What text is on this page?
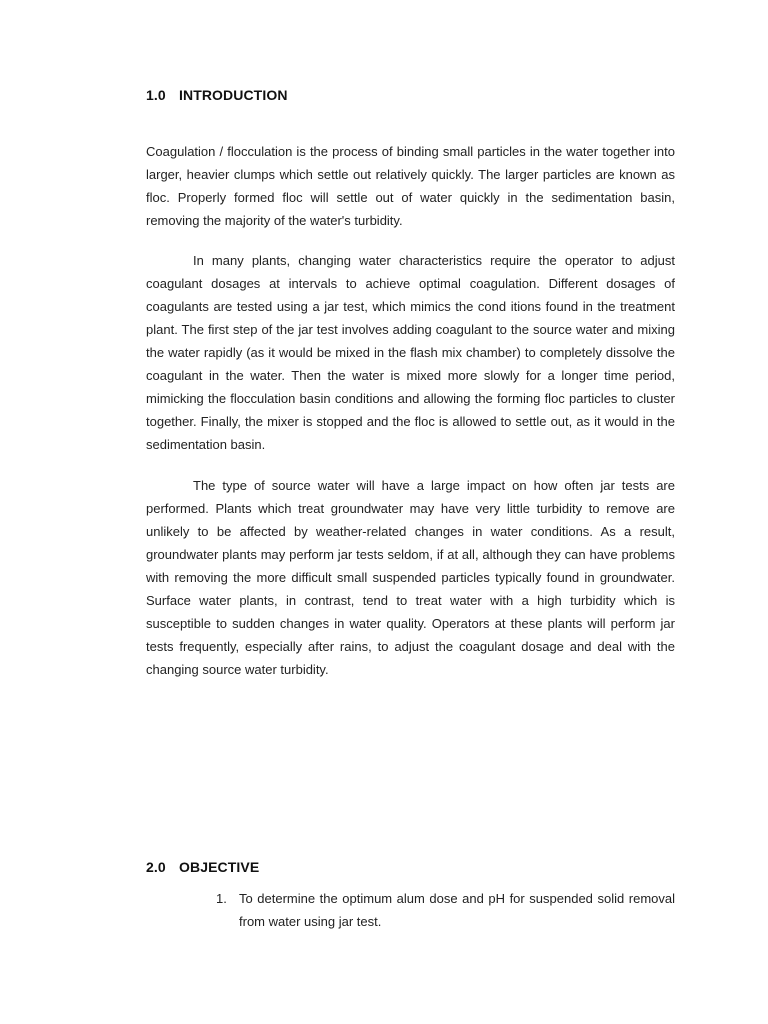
1.0 INTRODUCTION

Coagulation / flocculation is the process of binding small particles in the water together into larger, heavier clumps which settle out relatively quickly. The larger particles are known as floc. Properly formed floc will settle out of water quickly in the sedimentation basin, removing the majority of the water's turbidity.

In many plants, changing water characteristics require the operator to adjust coagulant dosages at intervals to achieve optimal coagulation. Different dosages of coagulants are tested using a jar test, which mimics the cond itions found in the treatment plant. The first step of the jar test involves adding coagulant to the source water and mixing the water rapidly (as it would be mixed in the flash mix chamber) to completely dissolve the coagulant in the water. Then the water is mixed more slowly for a longer time period, mimicking the flocculation basin conditions and allowing the forming floc particles to cluster together. Finally, the mixer is stopped and the floc is allowed to settle out, as it would in the sedimentation basin.

The type of source water will have a large impact on how often jar tests are performed. Plants which treat groundwater may have very little turbidity to remove are unlikely to be affected by weather-related changes in water conditions. As a result, groundwater plants may perform jar tests seldom, if at all, although they can have problems with removing the more difficult small suspended particles typically found in groundwater. Surface water plants, in contrast, tend to treat water with a high turbidity which is susceptible to sudden changes in water quality. Operators at these plants will perform jar tests frequently, especially after rains, to adjust the coagulant dosage and deal with the changing source water turbidity.

2.0 OBJECTIVE
1. To determine the optimum alum dose and pH for suspended solid removal from water using jar test.
